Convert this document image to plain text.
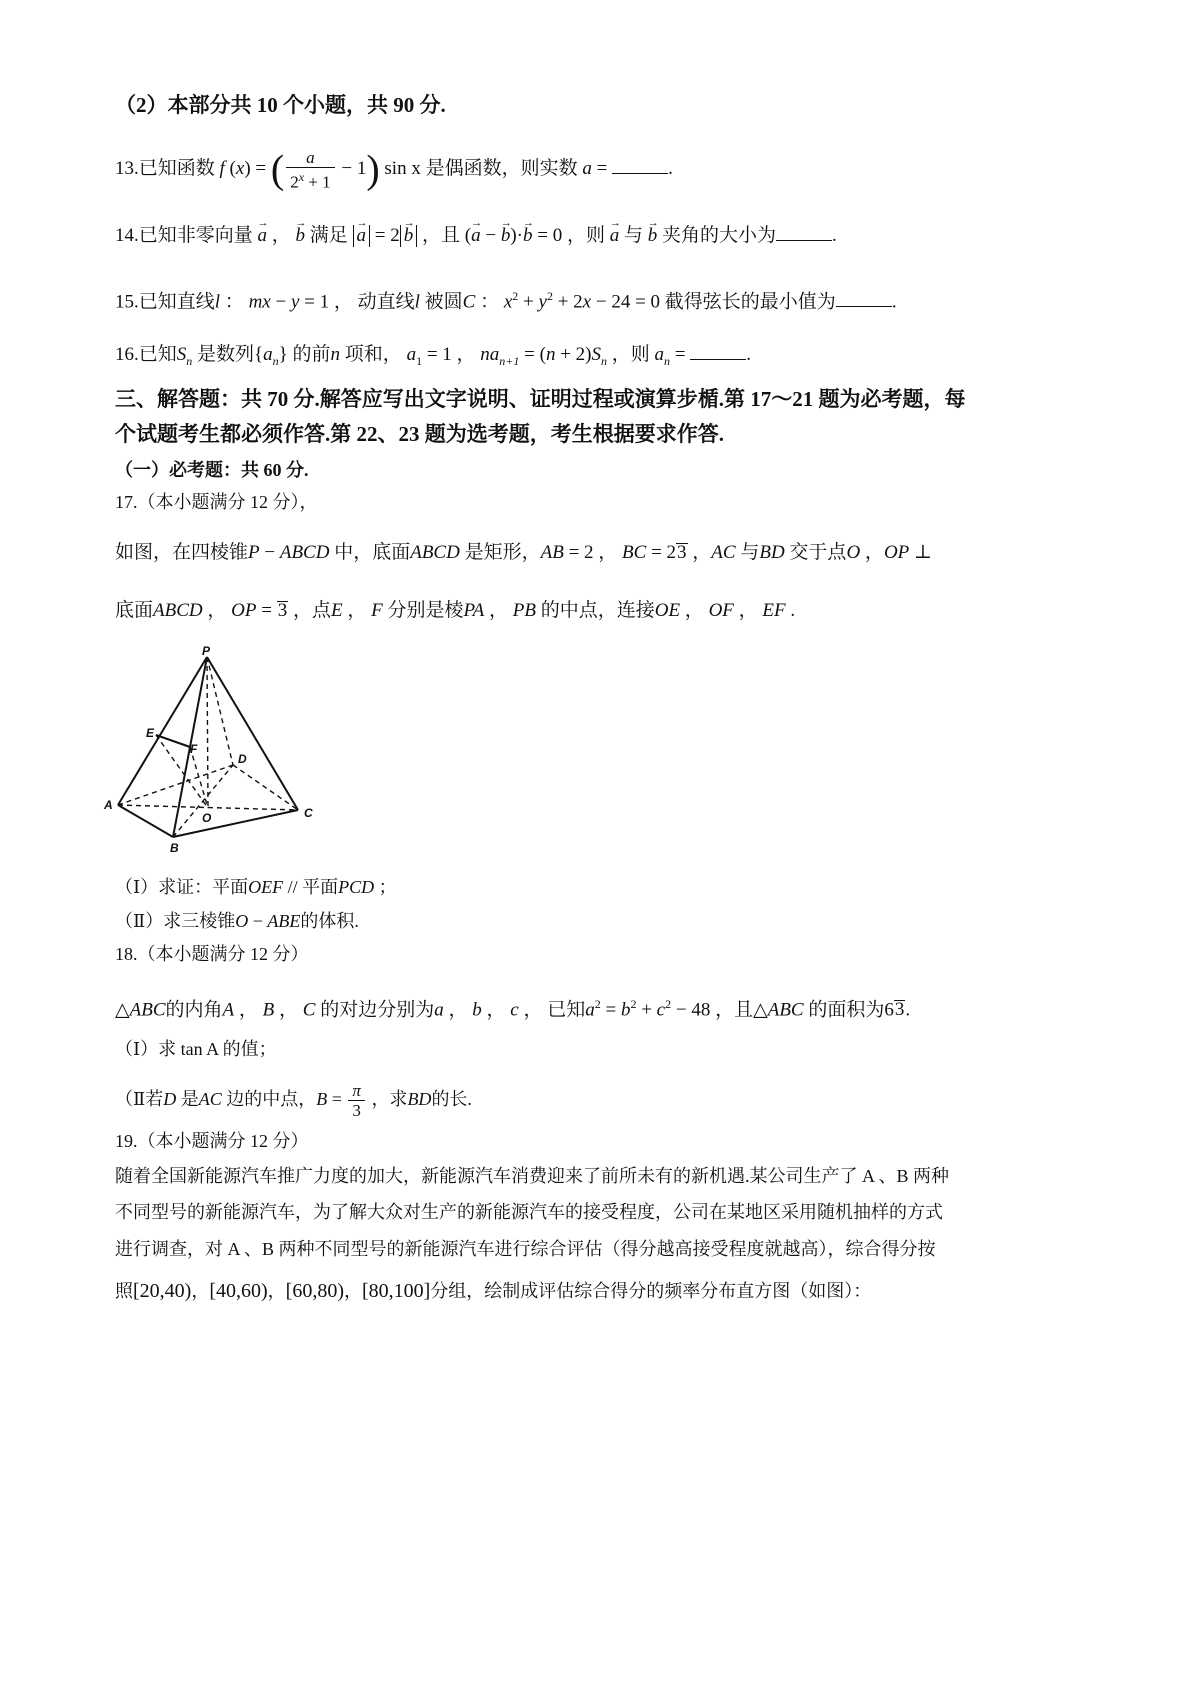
（2）本部分共 10 个小题，共 90 分.
13.已知函数 f (x) = ( $\frac{a}{2^x + 1} - 1$) sin x 是偶函数，则实数 a =	.
14.已知非零向量 → a ， → b 满足 → a = 2 → b ，且 (→ a − → b)·→ b = 0 ，则 → a 与 → b 夹角的大小为	.
15.已知直线l ： mx − y = 1 ， 动直线l 被圆C ： $x^2 + y^2 + 2x - 24 = 0$ 截得弦长的最小值为	.
16.已知$S_n$ 是数列$\{a_n\}$ 的前n 项和， $a_1 = 1$ ， $na_{n+1} = (n + 2)S_n$ ，则 $a_n$ =	.
三、解答题：共 70 分.解答应写出文字说明、证明过程或演算步楯.第 17～21 题为必考题，每
个试题考生都必须作答.第 22、23 题为选考题，考生根据要求作答.
（一）必考题：共 60 分.
17.（本小题满分 12 分），
如图，在四棱锥P − ABCD 中，底面ABCD 是矩形，AB = 2 ， BC = 23 ，AC 与BD 交于点O ，OP ⊥
底面ABCD ， OP = 3 ，点E ， F 分别是棱PA ， PB 的中点，连接OE ， OF ， EF .
P
E
F
D
A
O	C
B
（Ⅰ）求证：平面OEF // 平面PCD ；
（Ⅱ）求三棱锥O − ABE的体积.
18.（本小题满分 12 分）
△ABC的内角A ， B ， C 的对边分别为a ， b ， c ， 已知$a^2 = b^2 + c^2 - 48$ ，且△ABC 的面积为63.
（Ⅰ）求 tan A 的值；
（Ⅱ若D 是AC 边的中点，$B = \frac{\pi}{3}$ ，求BD的长.
19.（本小题满分 12 分）
随着全国新能源汽车推广力度的加大，新能源汽车消费迎来了前所未有的新机遇.某公司生产了 A 、B 两种
不同型号的新能源汽车，为了解大众对生产的新能源汽车的接受程度，公司在某地区采用随机抽样的方式
进行调查，对 A 、B 两种不同型号的新能源汽车进行综合评估（得分越高接受程度就越高），综合得分按
照[20,40)，[40,60)，[60,80)，[80,100]分组，绘制成评估综合得分的频率分布直方图（如图）：
